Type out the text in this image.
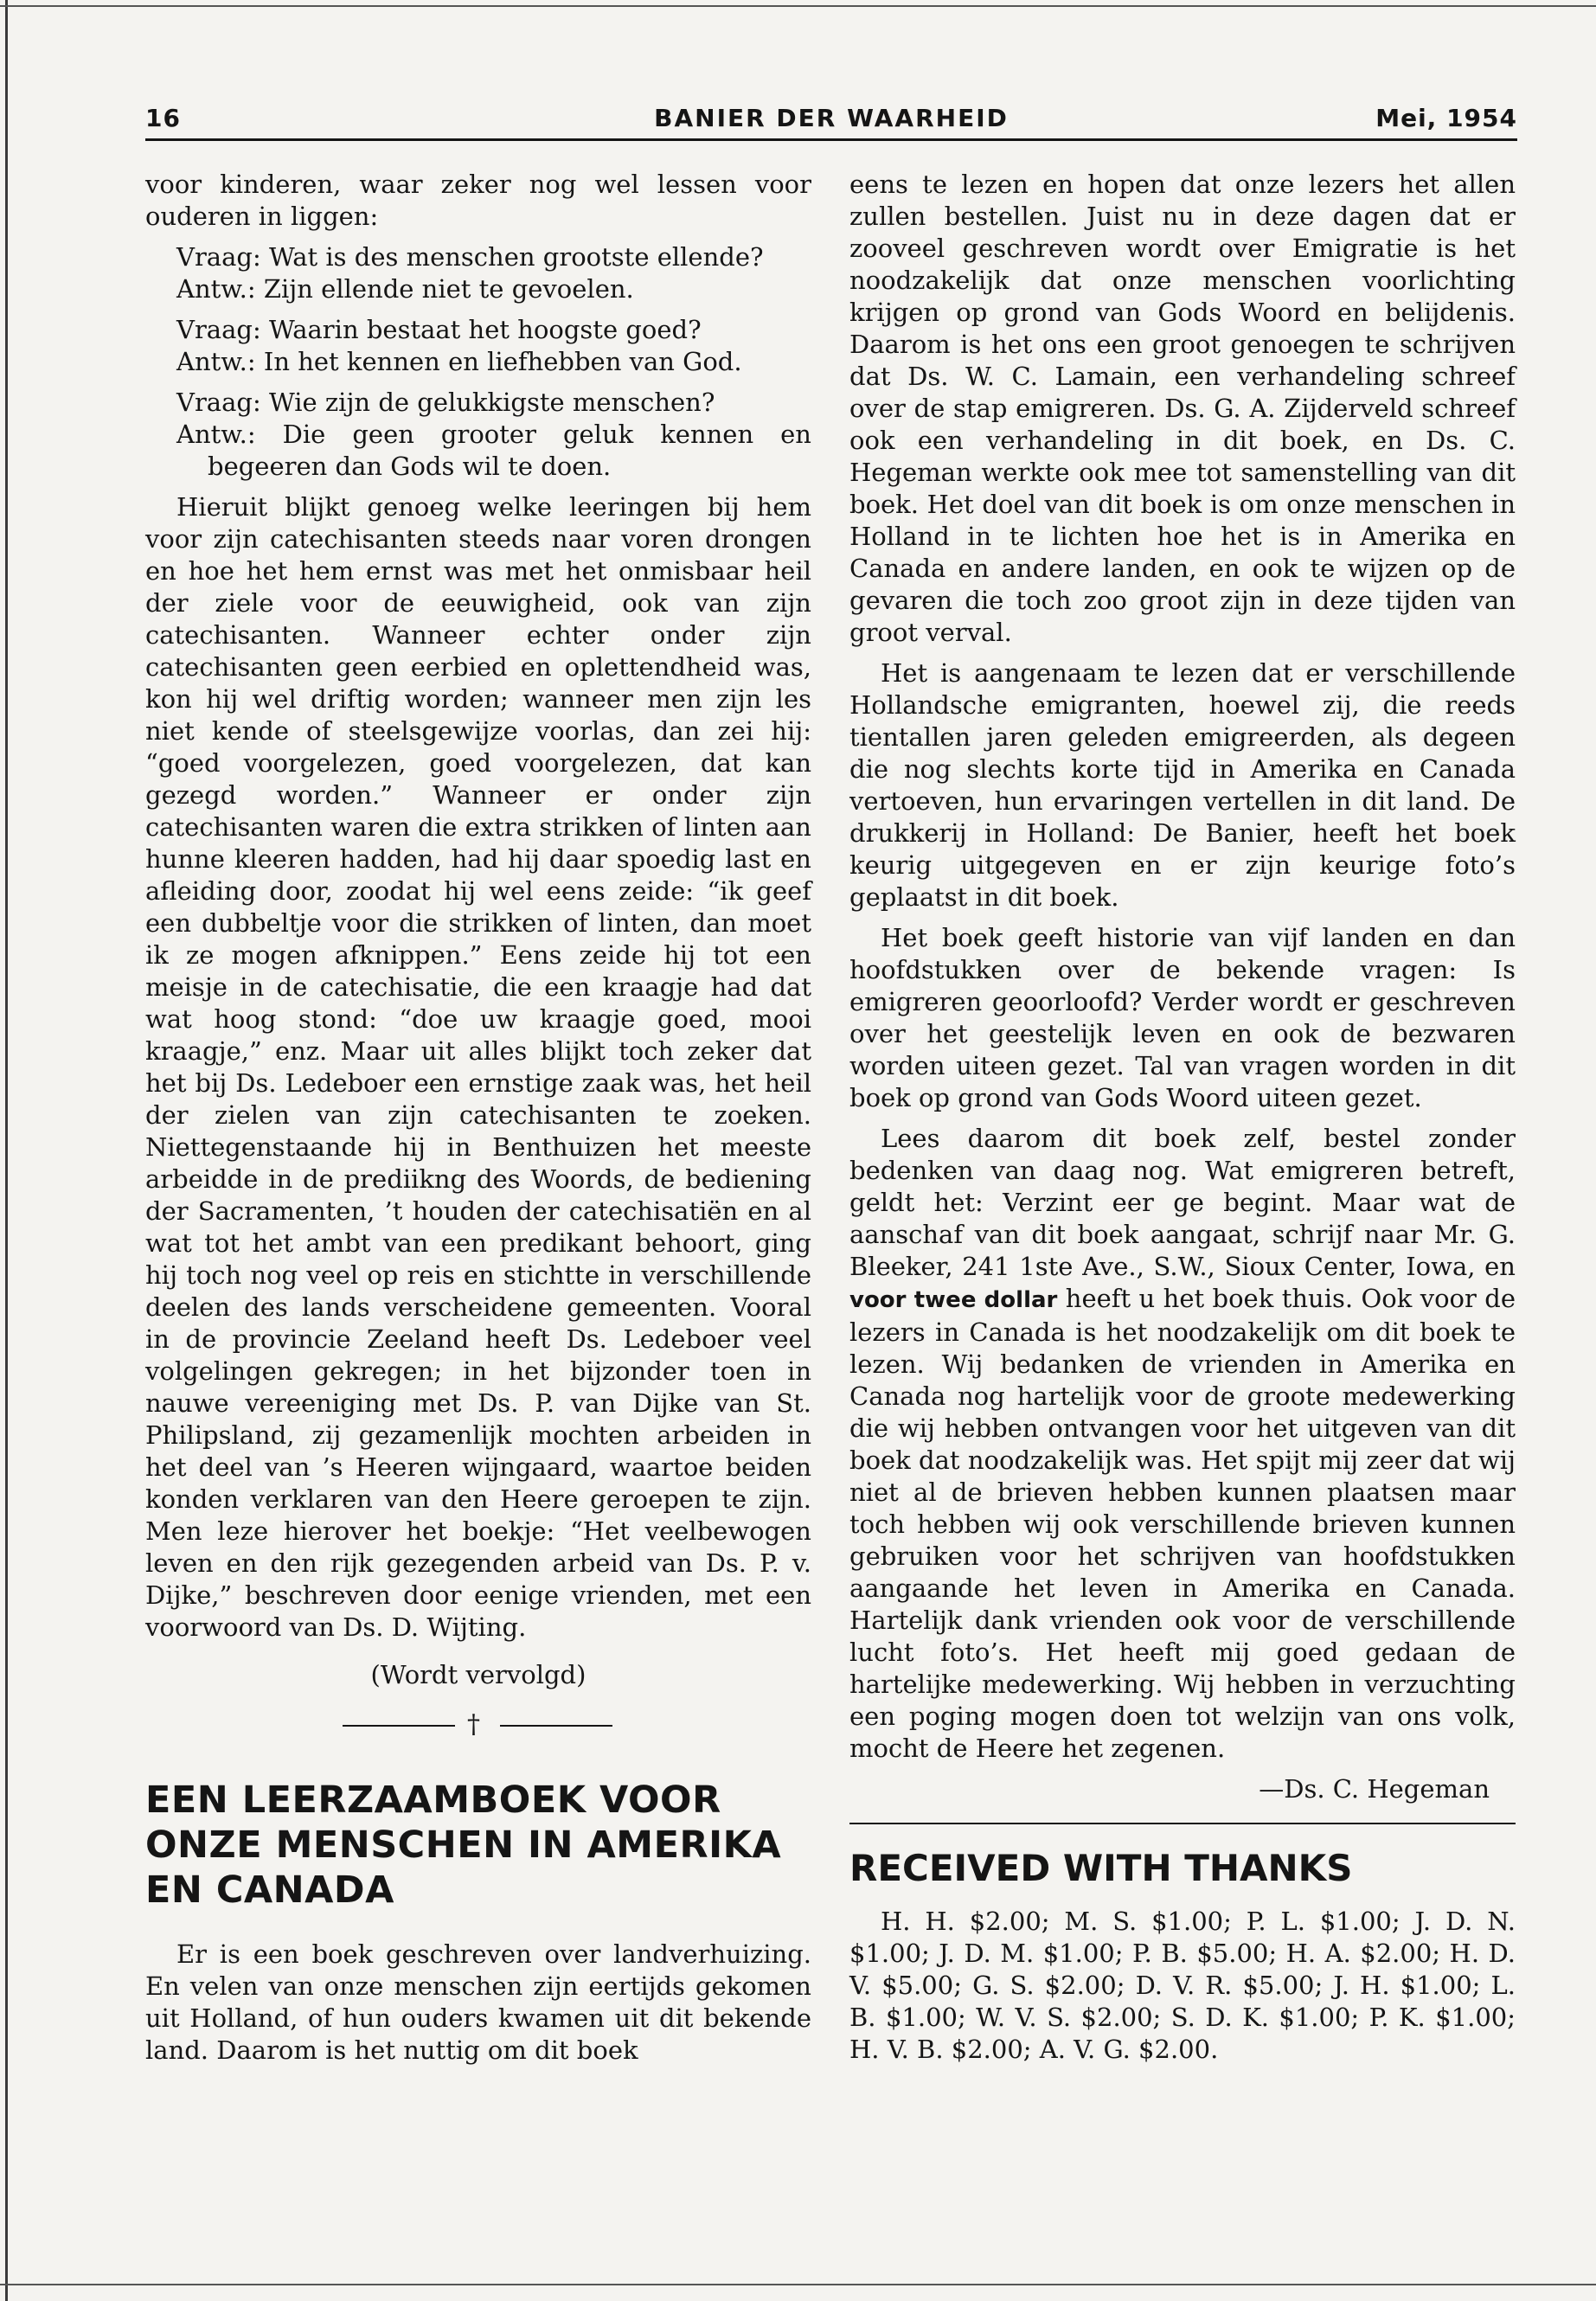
16	BANIER DER WAARHEID	Mei, 1954

voor kinderen, waar zeker nog wel lessen voor ouderen in liggen:

Vraag: Wat is des menschen grootste ellende?
Antw.: Zijn ellende niet te gevoelen.
Vraag: Waarin bestaat het hoogste goed?
Antw.: In het kennen en liefhebben van God.
Vraag: Wie zijn de gelukkigste menschen?
Antw.: Die geen grooter geluk kennen en begeeren dan Gods wil te doen.

Hieruit blijkt genoeg welke leeringen bij hem voor zijn catechisanten steeds naar voren drongen en hoe het hem ernst was met het onmisbaar heil der ziele voor de eeuwigheid, ook van zijn catechisanten. Wanneer echter onder zijn catechisanten geen eerbied en oplettendheid was, kon hij wel driftig worden; wanneer men zijn les niet kende of steelsgewijze voorlas, dan zei hij: “goed voorgelezen, goed voorgelezen, dat kan gezegd worden.” Wanneer er onder zijn catechisanten waren die extra strikken of linten aan hunne kleeren hadden, had hij daar spoedig last en afleiding door, zoodat hij wel eens zeide: “ik geef een dubbeltje voor die strikken of linten, dan moet ik ze mogen afknippen.” Eens zeide hij tot een meisje in de catechisatie, die een kraagje had dat wat hoog stond: “doe uw kraagje goed, mooi kraagje,” enz. Maar uit alles blijkt toch zeker dat het bij Ds. Ledeboer een ernstige zaak was, het heil der zielen van zijn catechisanten te zoeken. Niettegenstaande hij in Benthuizen het meeste arbeidde in de prediikng des Woords, de bediening der Sacramenten, ’t houden der catechisatiën en al wat tot het ambt van een predikant behoort, ging hij toch nog veel op reis en stichtte in verschillende deelen des lands verscheidene gemeenten. Vooral in de provincie Zeeland heeft Ds. Ledeboer veel volgelingen gekregen; in het bijzonder toen in nauwe vereeniging met Ds. P. van Dijke van St. Philipsland, zij gezamenlijk mochten arbeiden in het deel van ’s Heeren wijngaard, waartoe beiden konden verklaren van den Heere geroepen te zijn. Men leze hierover het boekje: “Het veelbewogen leven en den rijk gezegenden arbeid van Ds. P. v. Dijke,” beschreven door eenige vrienden, met een voorwoord van Ds. D. Wijting.

(Wordt vervolgd)
†
EEN LEERZAAMBOEK VOOR ONZE MENSCHEN IN AMERIKA EN CANADA

Er is een boek geschreven over landverhuizing. En velen van onze menschen zijn eertijds gekomen uit Holland, of hun ouders kwamen uit dit bekende land. Daarom is het nuttig om dit boek

eens te lezen en hopen dat onze lezers het allen zullen bestellen. Juist nu in deze dagen dat er zooveel geschreven wordt over Emigratie is het noodzakelijk dat onze menschen voorlichting krijgen op grond van Gods Woord en belijdenis. Daarom is het ons een groot genoegen te schrijven dat Ds. W. C. Lamain, een verhandeling schreef over de stap emigreren. Ds. G. A. Zijderveld schreef ook een verhandeling in dit boek, en Ds. C. Hegeman werkte ook mee tot samenstelling van dit boek. Het doel van dit boek is om onze menschen in Holland in te lichten hoe het is in Amerika en Canada en andere landen, en ook te wijzen op de gevaren die toch zoo groot zijn in deze tijden van groot verval.

Het is aangenaam te lezen dat er verschillende Hollandsche emigranten, hoewel zij, die reeds tientallen jaren geleden emigreerden, als degeen die nog slechts korte tijd in Amerika en Canada vertoeven, hun ervaringen vertellen in dit land. De drukkerij in Holland: De Banier, heeft het boek keurig uitgegeven en er zijn keurige foto’s geplaatst in dit boek.

Het boek geeft historie van vijf landen en dan hoofdstukken over de bekende vragen: Is emigreren geoorloofd? Verder wordt er geschreven over het geestelijk leven en ook de bezwaren worden uiteen gezet. Tal van vragen worden in dit boek op grond van Gods Woord uiteen gezet.

Lees daarom dit boek zelf, bestel zonder bedenken van daag nog. Wat emigreren betreft, geldt het: Verzint eer ge begint. Maar wat de aanschaf van dit boek aangaat, schrijf naar Mr. G. Bleeker, 241 1ste Ave., S.W., Sioux Center, Iowa, en voor twee dollar heeft u het boek thuis. Ook voor de lezers in Canada is het noodzakelijk om dit boek te lezen. Wij bedanken de vrienden in Amerika en Canada nog hartelijk voor de groote medewerking die wij hebben ontvangen voor het uitgeven van dit boek dat noodzakelijk was. Het spijt mij zeer dat wij niet al de brieven hebben kunnen plaatsen maar toch hebben wij ook verschillende brieven kunnen gebruiken voor het schrijven van hoofdstukken aangaande het leven in Amerika en Canada. Hartelijk dank vrienden ook voor de verschillende lucht foto’s. Het heeft mij goed gedaan de hartelijke medewerking. Wij hebben in verzuchting een poging mogen doen tot welzijn van ons volk, mocht de Heere het zegenen.

—Ds. C. Hegeman
RECEIVED WITH THANKS

H. H. $2.00; M. S. $1.00; P. L. $1.00; J. D. N. $1.00; J. D. M. $1.00; P. B. $5.00; H. A. $2.00; H. D. V. $5.00; G. S. $2.00; D. V. R. $5.00; J. H. $1.00; L. B. $1.00; W. V. S. $2.00; S. D. K. $1.00; P. K. $1.00; H. V. B. $2.00; A. V. G. $2.00.
